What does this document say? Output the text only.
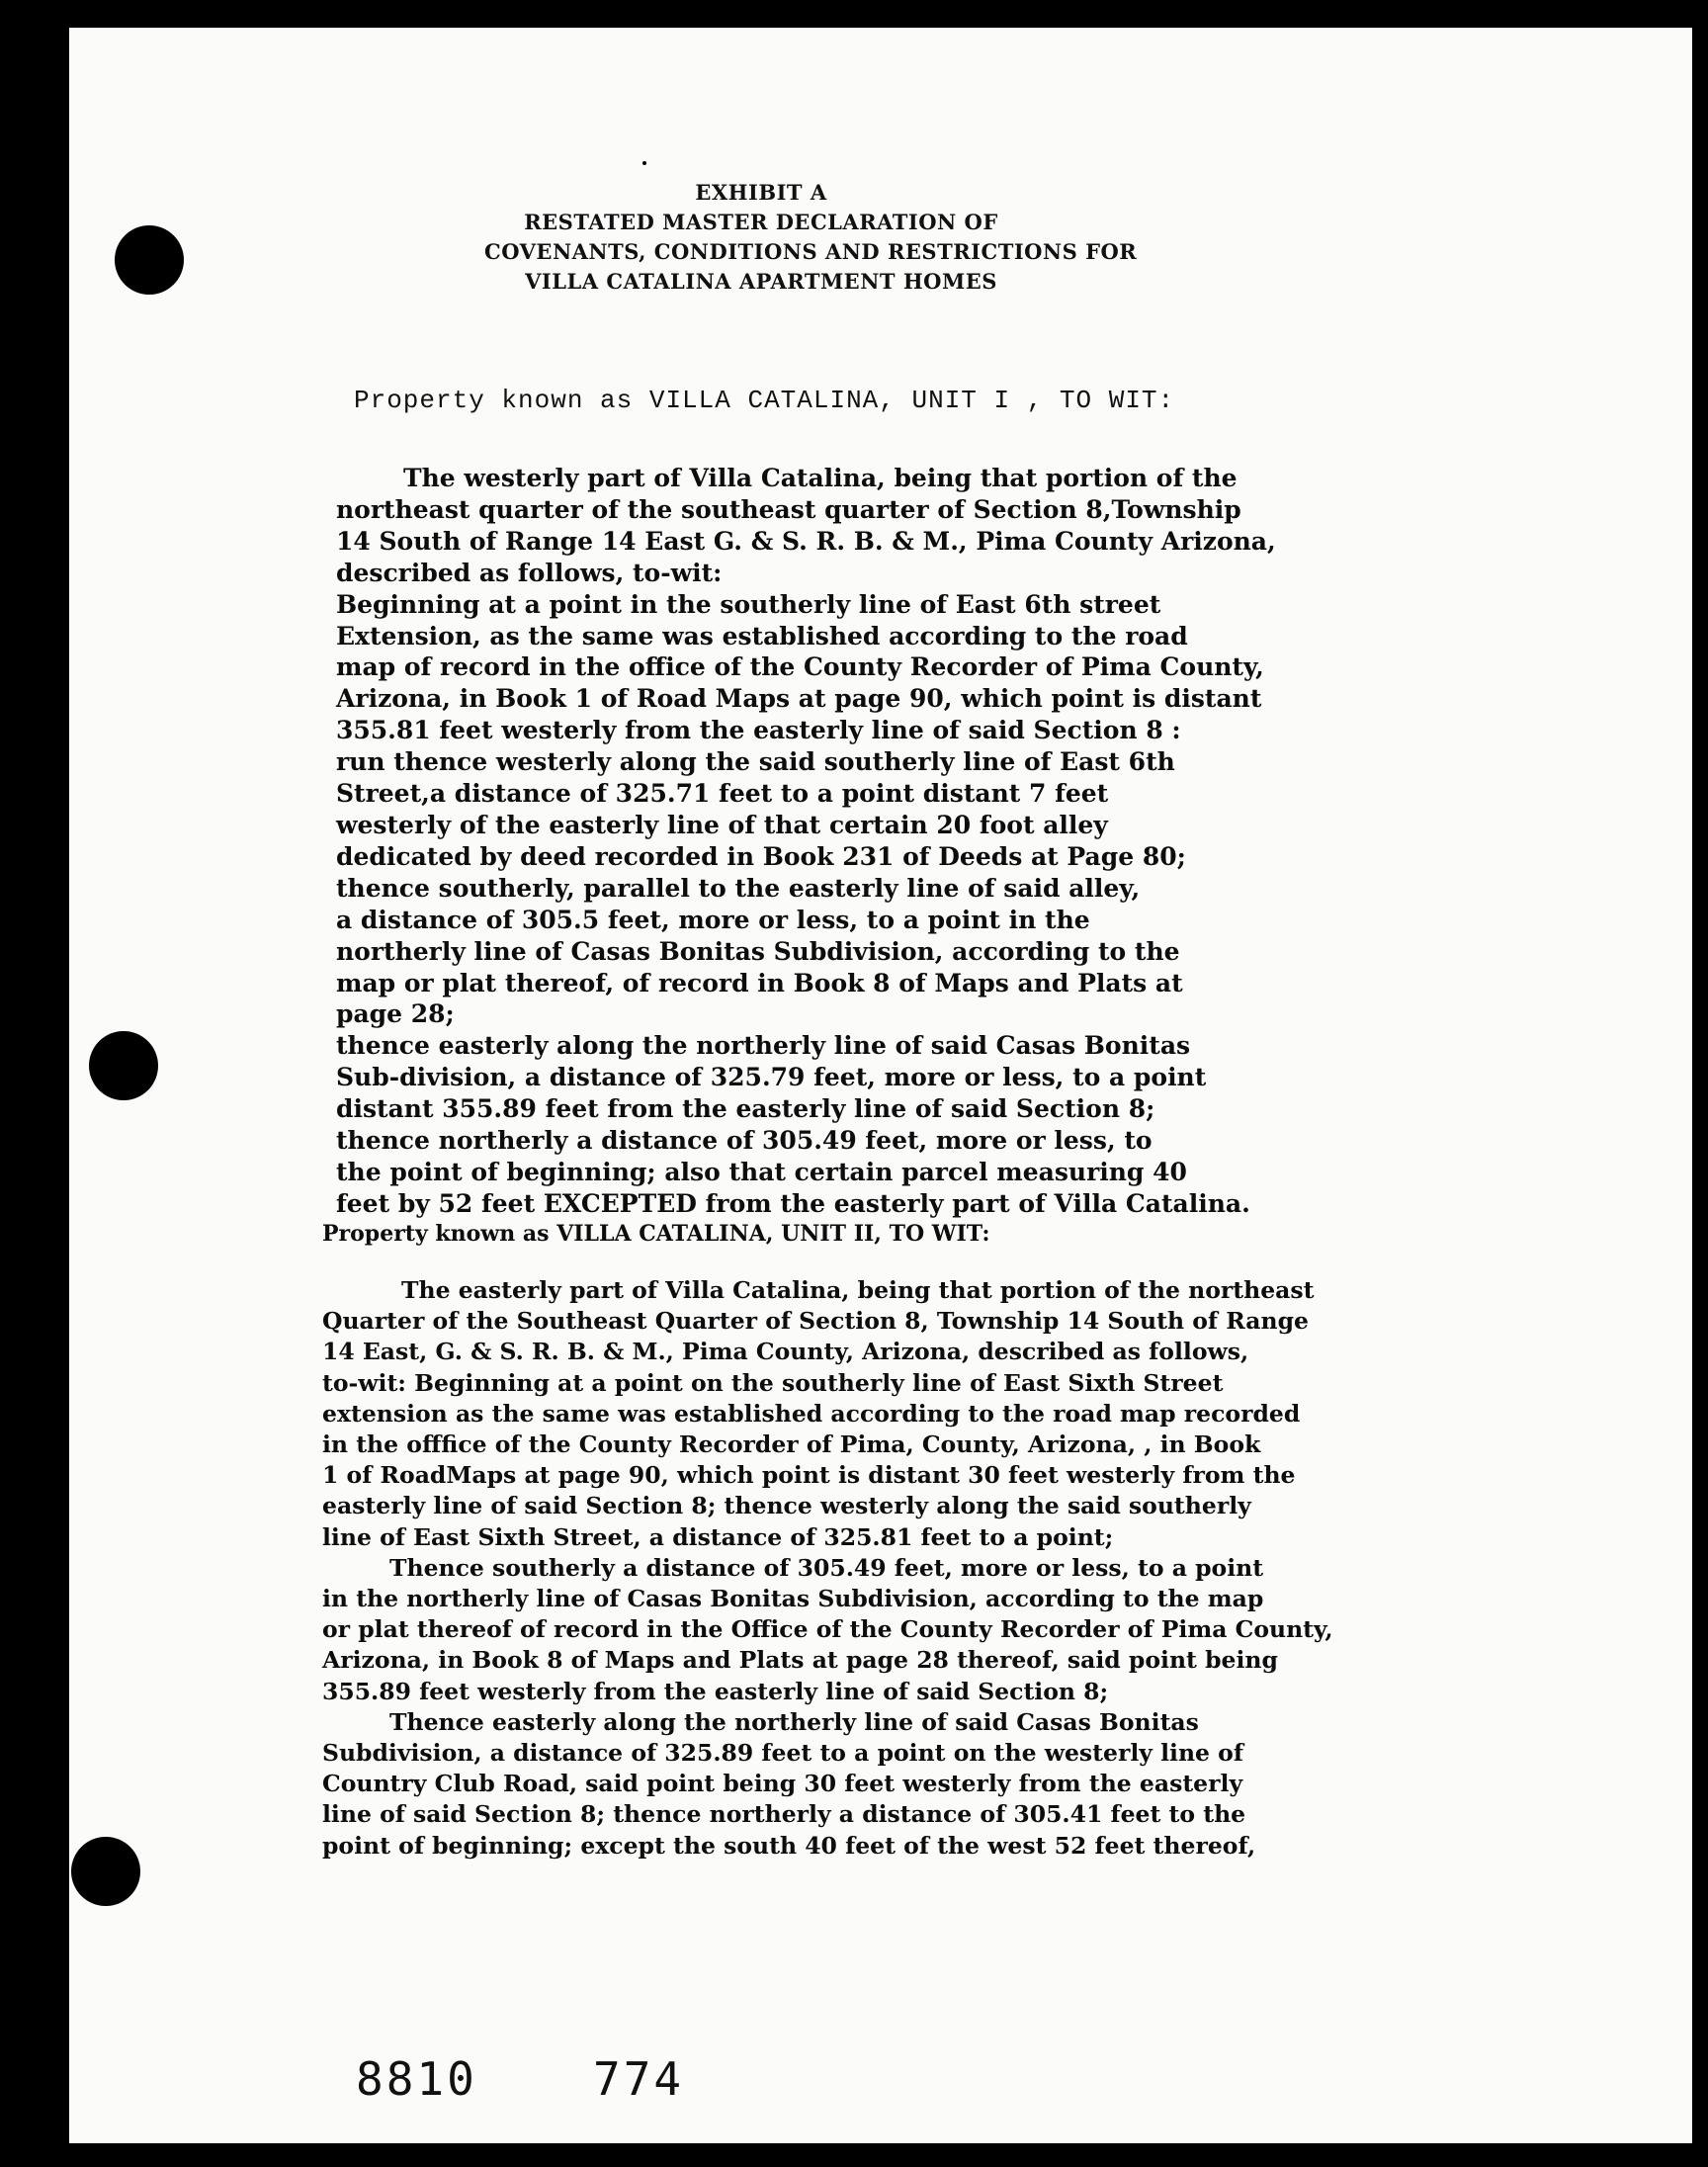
EXHIBIT A
RESTATED MASTER DECLARATION OF
COVENANTS, CONDITIONS AND RESTRICTIONS FOR
VILLA CATALINA APARTMENT HOMES
Property known as VILLA CATALINA, UNIT I , TO WIT:
The westerly part of Villa Catalina, being that portion of the
northeast quarter of the southeast quarter of Section 8,Township
14 South of Range 14 East G. & S. R. B. & M., Pima County Arizona,
described as follows, to-wit:
Beginning at a point in the southerly line of East 6th street
Extension, as the same was established according to the road
map of record in the office of the County Recorder of Pima County,
Arizona, in Book 1 of Road Maps at page 90, which point is distant
355.81 feet westerly from the easterly line of said Section 8 :
run thence westerly along the said southerly line of East 6th
Street,a distance of 325.71 feet to a point distant 7 feet
westerly of the easterly line of that certain 20 foot alley
dedicated by deed recorded in Book 231 of Deeds at Page 80;
thence southerly, parallel to the easterly line of said alley,
a distance of 305.5 feet, more or less, to a point in the
northerly line of Casas Bonitas Subdivision, according to the
map or plat thereof, of record in Book 8 of Maps and Plats at
page 28;
thence easterly along the northerly line of said Casas Bonitas
Sub-division, a distance of 325.79 feet, more or less, to a point
distant 355.89 feet from the easterly line of said Section 8;
thence northerly a distance of 305.49 feet, more or less, to
the point of beginning; also that certain parcel measuring 40
feet by 52 feet EXCEPTED from the easterly part of Villa Catalina.
Property known as VILLA CATALINA, UNIT II, TO WIT:
The easterly part of Villa Catalina, being that portion of the northeast
Quarter of the Southeast Quarter of Section 8, Township 14 South of Range
14 East, G. & S. R. B. & M., Pima County, Arizona, described as follows,
to-wit: Beginning at a point on the southerly line of East Sixth Street
extension as the same was established according to the road map recorded
in the offfice of the County Recorder of Pima, County, Arizona, , in Book
1 of RoadMaps at page 90, which point is distant 30 feet westerly from the
easterly line of said Section 8; thence westerly along the said southerly
line of East Sixth Street, a distance of 325.81 feet to a point;
Thence southerly a distance of 305.49 feet, more or less, to a point
in the northerly line of Casas Bonitas Subdivision, according to the map
or plat thereof of record in the Office of the County Recorder of Pima County,
Arizona, in Book 8 of Maps and Plats at page 28 thereof, said point being
355.89 feet westerly from the easterly line of said Section 8;
Thence easterly along the northerly line of said Casas Bonitas
Subdivision, a distance of 325.89 feet to a point on the westerly line of
Country Club Road, said point being 30 feet westerly from the easterly
line of said Section 8; thence northerly a distance of 305.41 feet to the
point of beginning; except the south 40 feet of the west 52 feet thereof,
8810	774
